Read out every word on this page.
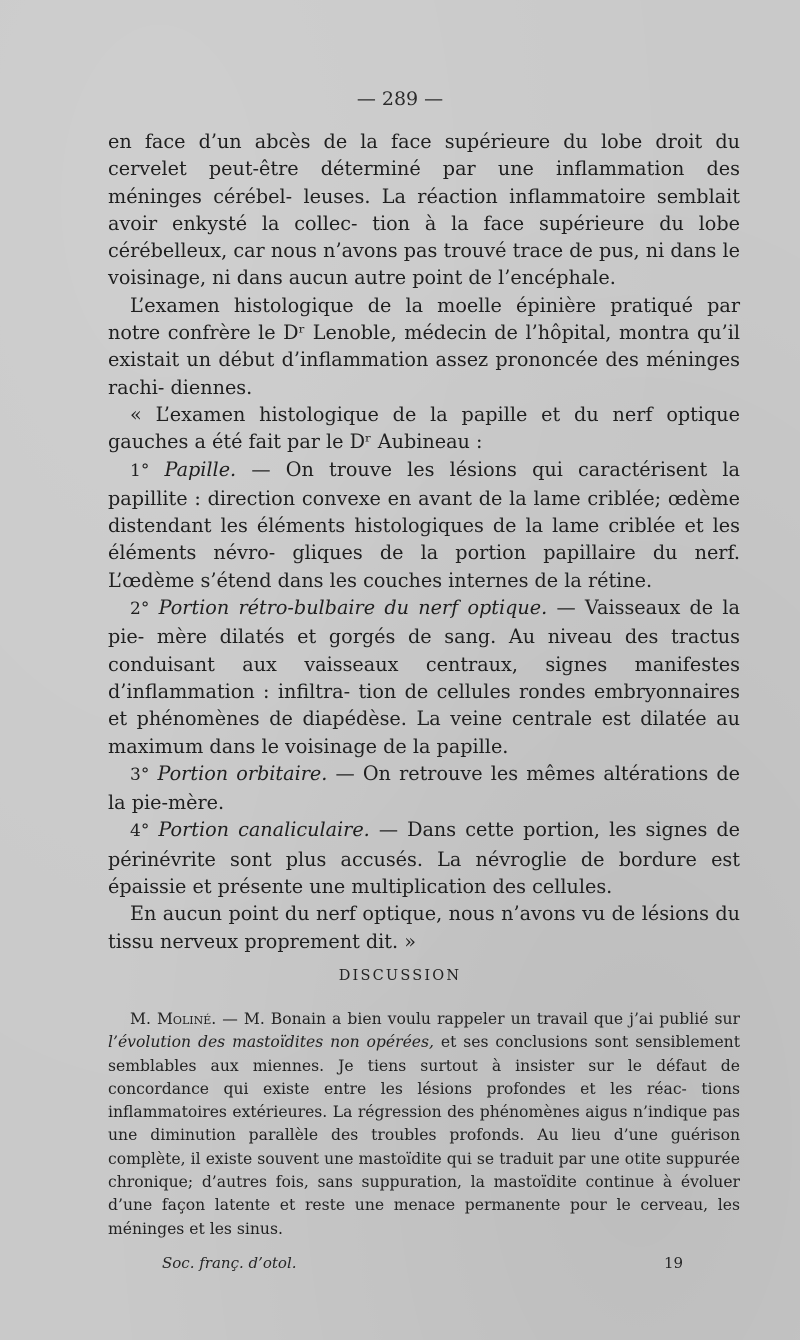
— 289 —

en face d’un abcès de la face supérieure du lobe droit du cervelet peut-être déterminé par une inflammation des méninges cérébel- leuses. La réaction inflammatoire semblait avoir enkysté la collec- tion à la face supérieure du lobe cérébelleux, car nous n’avons pas trouvé trace de pus, ni dans le voisinage, ni dans aucun autre point de l’encéphale.

L’examen histologique de la moelle épinière pratiqué par notre confrère le Dʳ Lenoble, médecin de l’hôpital, montra qu’il existait un début d’inflammation assez prononcée des méninges rachi- diennes.

« L’examen histologique de la papille et du nerf optique gauches a été fait par le Dʳ Aubineau :

1° Papille. — On trouve les lésions qui caractérisent la papillite : direction convexe en avant de la lame criblée; œdème distendant les éléments histologiques de la lame criblée et les éléments névro- gliques de la portion papillaire du nerf. L’œdème s’étend dans les couches internes de la rétine.

2° Portion rétro-bulbaire du nerf optique. — Vaisseaux de la pie- mère dilatés et gorgés de sang. Au niveau des tractus conduisant aux vaisseaux centraux, signes manifestes d’inflammation : infiltra- tion de cellules rondes embryonnaires et phénomènes de diapédèse. La veine centrale est dilatée au maximum dans le voisinage de la papille.

3° Portion orbitaire. — On retrouve les mêmes altérations de la pie-mère.

4° Portion canaliculaire. — Dans cette portion, les signes de périnévrite sont plus accusés. La névroglie de bordure est épaissie et présente une multiplication des cellules.

En aucun point du nerf optique, nous n’avons vu de lésions du tissu nerveux proprement dit. »

DISCUSSION

M. Moliné. — M. Bonain a bien voulu rappeler un travail que j’ai publié sur l’évolution des mastoïdites non opérées, et ses conclusions sont sensiblement semblables aux miennes. Je tiens surtout à insister sur le défaut de concordance qui existe entre les lésions profondes et les réac- tions inflammatoires extérieures. La régression des phénomènes aigus n’indique pas une diminution parallèle des troubles profonds. Au lieu d’une guérison complète, il existe souvent une mastoïdite qui se traduit par une otite suppurée chronique; d’autres fois, sans suppuration, la mastoïdite continue à évoluer d’une façon latente et reste une menace permanente pour le cerveau, les méninges et les sinus.

Soc. franç. d’otol.	19
